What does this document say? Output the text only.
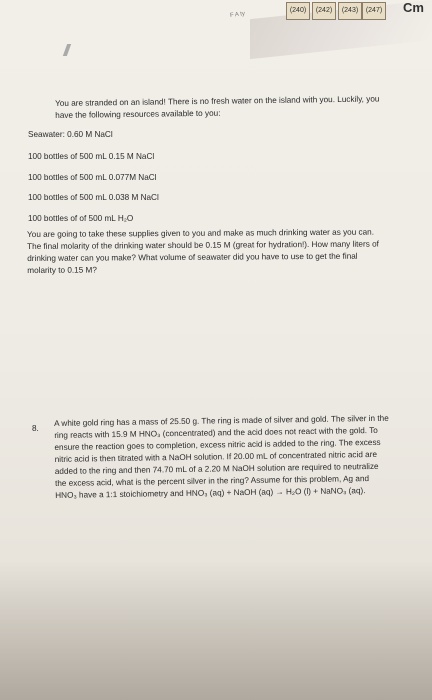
F A ty
(240)	(242)	(243)	(247) Cm
You are stranded on an island! There is no fresh water on the island with you. Luckily, you have the following resources available to you:
Seawater: 0.60 M NaCl
100 bottles of 500 mL 0.15 M NaCl
100 bottles of 500 mL 0.077M NaCl
100 bottles of 500 mL 0.038 M NaCl
100 bottles of of 500 mL H₂O
You are going to take these supplies given to you and make as much drinking water as you can. The final molarity of the drinking water should be 0.15 M (great for hydration!). How many liters of drinking water can you make? What volume of seawater did you have to use to get the final molarity to 0.15 M?
8.
A white gold ring has a mass of 25.50 g. The ring is made of silver and gold. The silver in the ring reacts with 15.9 M HNO₃ (concentrated) and the acid does not react with the gold. To ensure the reaction goes to completion, excess nitric acid is added to the ring. The excess nitric acid is then titrated with a NaOH solution. If 20.00 mL of concentrated nitric acid are added to the ring and then 74.70 mL of a 2.20 M NaOH solution are required to neutralize the excess acid, what is the percent silver in the ring? Assume for this problem, Ag and HNO₃ have a 1:1 stoichiometry and HNO₃ (aq) + NaOH (aq) → H₂O (l) + NaNO₃ (aq).
